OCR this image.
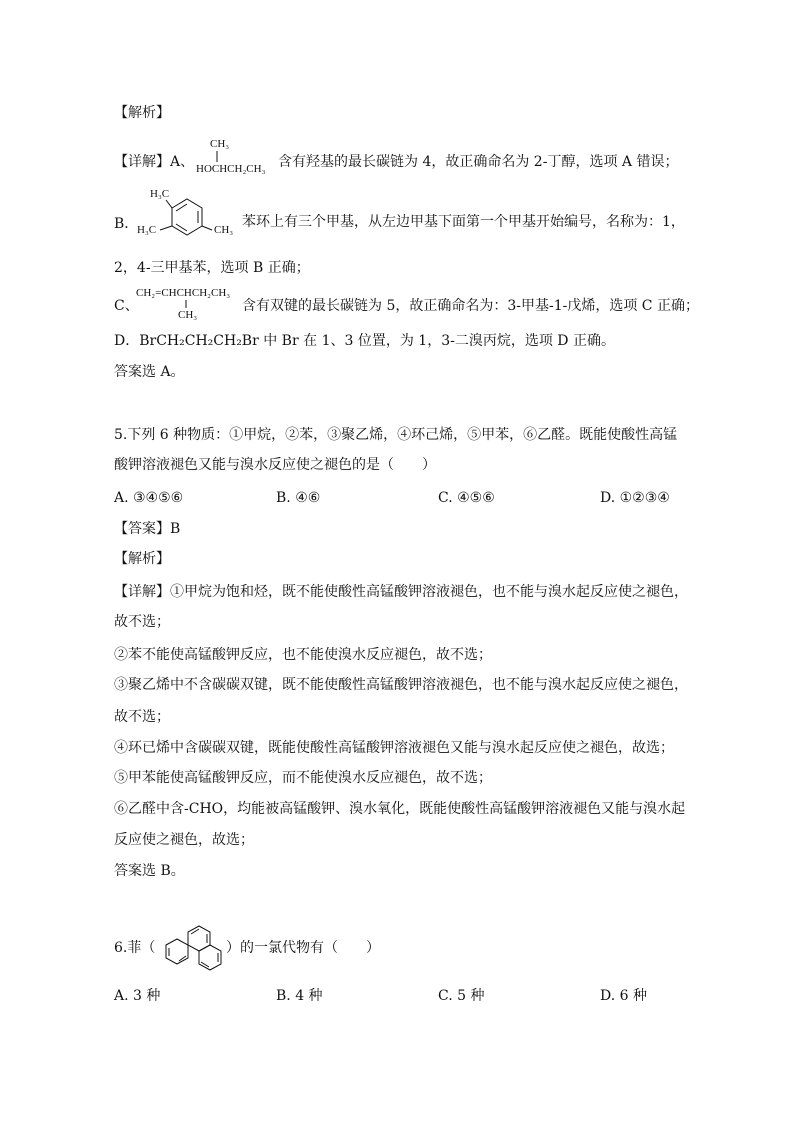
【解析】
【详解】A、
CH₃
HOCHCH₂CH₃ 含有羟基的最长碳链为 4，故正确命名为 2-丁醇，选项 A 错误；
B．
H₃C
H₃C	CH₃ 苯环上有三个甲基，从左边甲基下面第一个甲基开始编号，名称为：1，
2，4-三甲基苯，选项 B 正确；
C、
CH₂=CHCHCH₂CH₃
CH₃
含有双键的最长碳链为 5，故正确命名为：3-甲基-1-戊烯，选项 C 正确；
D．BrCH₂CH₂CH₂Br 中 Br 在 1、3 位置，为 1，3-二溴丙烷，选项 D 正确。
答案选 A。
5.下列 6 种物质：①甲烷，②苯，③聚乙烯，④环己烯，⑤甲苯，⑥乙醛。既能使酸性高锰
酸钾溶液褪色又能与溴水反应使之褪色的是（　　）
A. ③④⑤⑥	B. ④⑥	C. ④⑤⑥	D. ①②③④
【答案】B
【解析】
【详解】①甲烷为饱和烃，既不能使酸性高锰酸钾溶液褪色，也不能与溴水起反应使之褪色，
故不选；
②苯不能使高锰酸钾反应，也不能使溴水反应褪色，故不选；
③聚乙烯中不含碳碳双键，既不能使酸性高锰酸钾溶液褪色，也不能与溴水起反应使之褪色，
故不选；
④环已烯中含碳碳双键，既能使酸性高锰酸钾溶液褪色又能与溴水起反应使之褪色，故选；
⑤甲苯能使高锰酸钾反应，而不能使溴水反应褪色，故不选；
⑥乙醛中含-CHO，均能被高锰酸钾、溴水氧化，既能使酸性高锰酸钾溶液褪色又能与溴水起
反应使之褪色，故选；
答案选 B。
6.菲（	）的一氯代物有（　　）
A. 3 种	B. 4 种	C. 5 种	D. 6 种
